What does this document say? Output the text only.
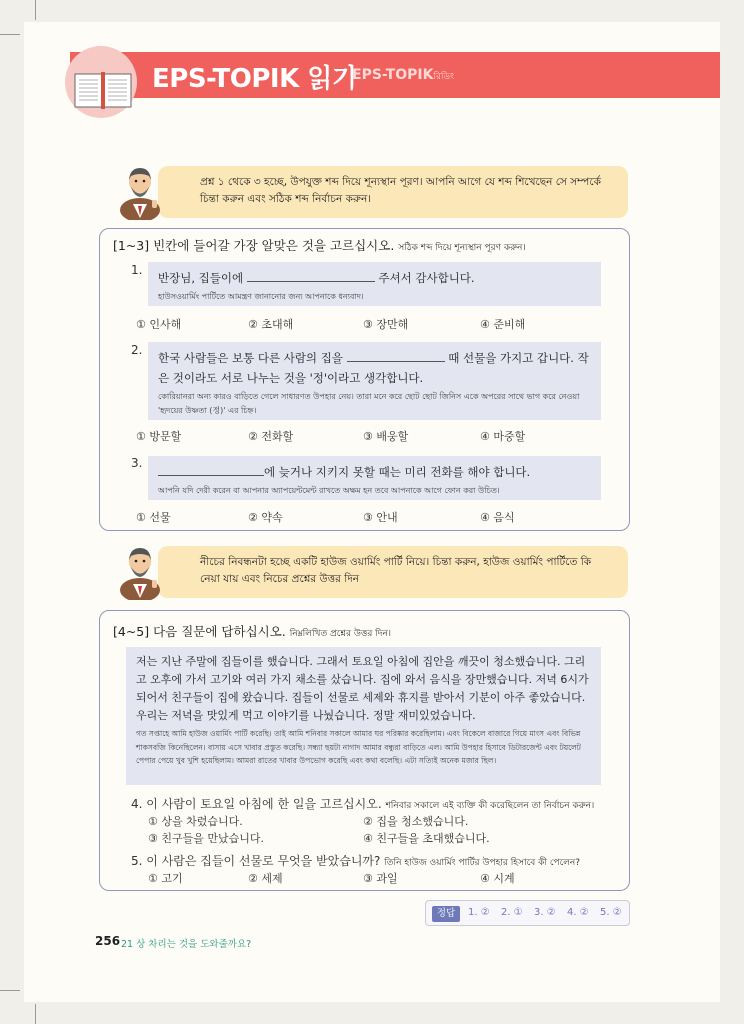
EPS-TOPIK 읽기
EPS-TOPIKরিডিং
প্রশ্ন ১ থেকে ৩ হচ্ছে, উপযুক্ত শব্দ দিয়ে শূন্যস্থান পূরণ। আপনি আগে যে শব্দ শিখেছেন সে সম্পর্কে চিন্তা করুন এবং সঠিক শব্দ নির্বাচন করুন।
[1~3] 빈칸에 들어갈 가장 알맞은 것을 고르십시오. সঠিক শব্দ দিয়ে শূন্যস্থান পূরণ করুন।
1.
반장님, 집들이에	주셔서 감사합니다.
হাউসওয়ার্মিং পার্টিতে আমন্ত্রণ জানানোর জন্য আপনাকে ধন্যবাদ।
① 인사해	② 초대해	③ 장만해	④ 준비해
2.
한국 사람들은 보통 다른 사람의 집을	때 선물을 가지고 갑니다. 작은 것이라도 서로 나누는 것을 '정'이라고 생각합니다.
কোরিয়ানরা অন্য কারও বাড়িতে গেলে সাধারণত উপহার নেয়। তারা মনে করে ছোট ছোট জিনিস একে অপরের সাথে ভাগ করে নেওয়া 'হৃদয়ের উষ্ণতা (정)' এর চিহ্ন।
① 방문할	② 전화할	③ 배웅할	④ 마중할
3.
에 늦거나 지키지 못할 때는 미리 전화를 해야 합니다.
আপনি যদি দেরী করেন বা আপনার অ্যাপয়েন্টমেন্ট রাখতে অক্ষম হন তবে আপনাকে আগে ফোন করা উচিত।
① 선물	② 약속	③ 안내	④ 음식
নীচের নিবন্ধনটা হচ্ছে একটি হাউজ ওয়ার্মিং পার্টি নিয়ে। চিন্তা করুন, হাউজ ওয়ার্মিং পার্টিতে কি নেয়া যায় এবং নিচের প্রশ্নের উত্তর দিন
[4~5] 다음 질문에 답하십시오. নিম্নলিখিত প্রশ্নের উত্তর দিন।
저는 지난 주말에 집들이를 했습니다. 그래서 토요일 아침에 집안을 깨끗이 청소했습니다. 그리고 오후에 가서 고기와 여러 가지 채소를 샀습니다. 집에 와서 음식을 장만했습니다. 저녁 6시가 되어서 친구들이 집에 왔습니다. 집들이 선물로 세제와 휴지를 받아서 기분이 아주 좋았습니다. 우리는 저녁을 맛있게 먹고 이야기를 나눴습니다. 정말 재미있었습니다.
গত সপ্তাহে আমি হাউজ ওয়ার্মিং পার্টি করেছি। তাই আমি শনিবার সকালে আমার ঘর পরিষ্কার করেছিলাম। এবং বিকেলে বাজারে গিয়ে মাংস এবং বিভিন্ন শাকসবজি কিনেছিলেন। বাসায় এসে খাবার প্রস্তুত করেছি। সন্ধ্যা ছয়টা নাগাদ আমার বন্ধুরা বাড়িতে এল। আমি উপহার হিসাবে ডিটারজেন্ট এবং টয়লেট পেপার পেয়ে খুব খুশি হয়েছিলাম। আমরা রাতের খাবার উপভোগ করেছি এবং কথা বলেছি। এটা সত্যিই অনেক মজার ছিল।
4. 이 사람이 토요일 아침에 한 일을 고르십시오. শনিবার সকালে এই ব্যক্তি কী করেছিলেন তা নির্বাচন করুন।
① 상을 차렸습니다.	② 집을 청소했습니다.
③ 친구들을 만났습니다.	④ 친구들을 초대했습니다.
5. 이 사람은 집들이 선물로 무엇을 받았습니까? তিনি হাউজ ওয়ার্মিং পার্টির উপহার হিসাবে কী পেলেন?
① 고기	② 세제	③ 과일	④ 시계
정답	1. ② 2. ① 3. ② 4. ② 5. ②
256 21 상 차리는 것을 도와줄까요?
